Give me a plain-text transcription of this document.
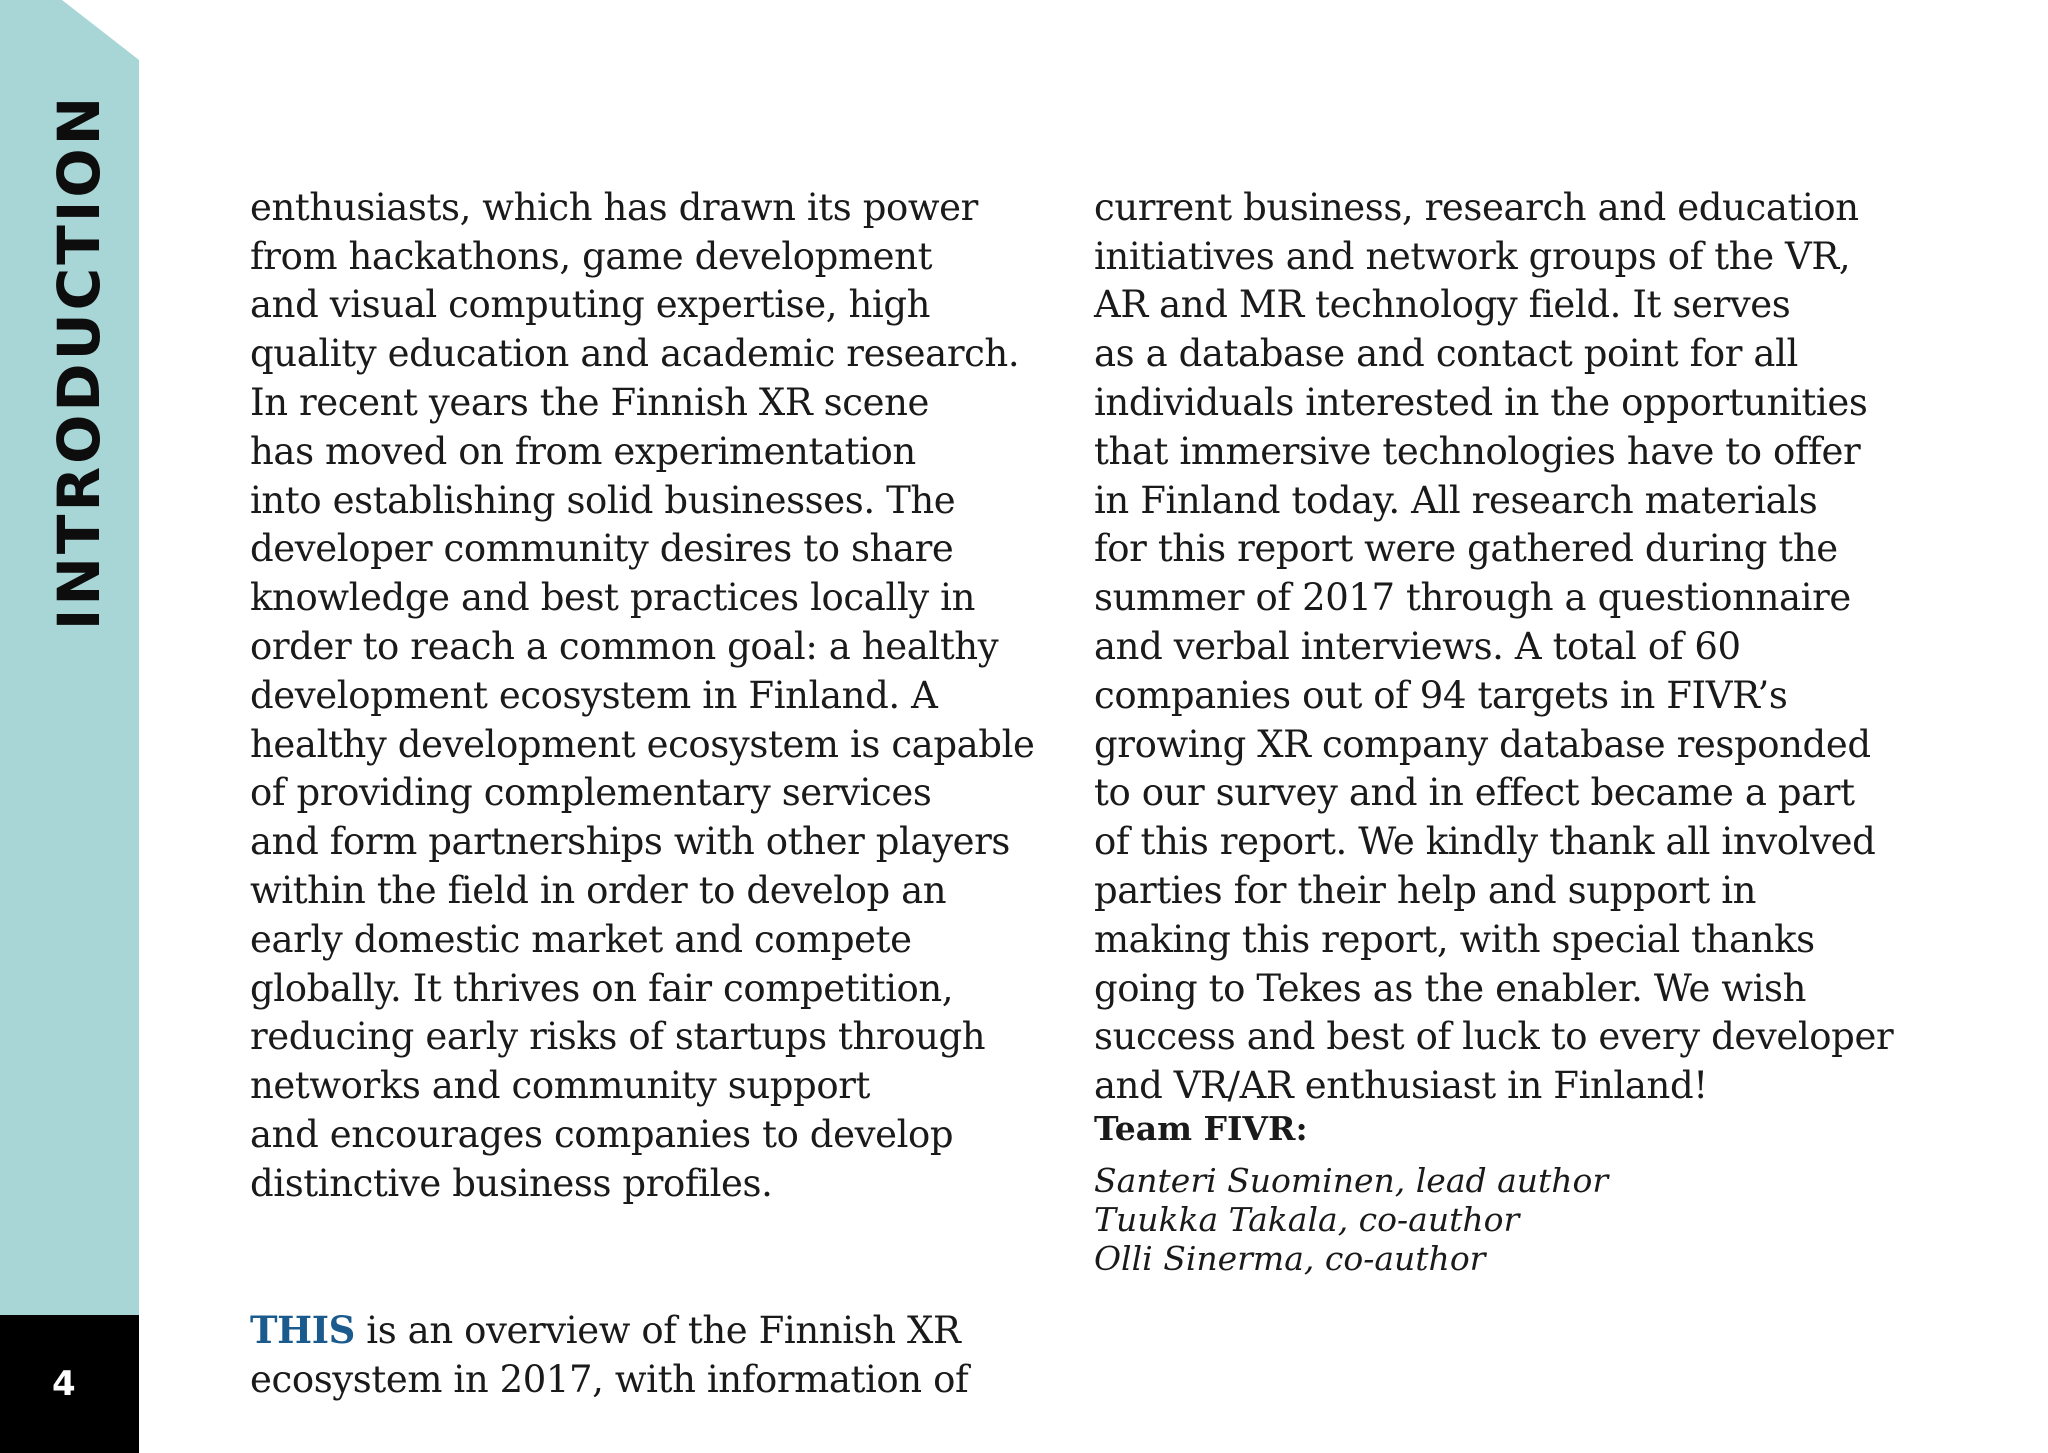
INTRODUCTION
4

enthusiasts, which has drawn its power
from hackathons, game development
and visual computing expertise, high
quality education and academic research.
In recent years the Finnish XR scene
has moved on from experimentation
into establishing solid businesses. The
developer community desires to share
knowledge and best practices locally in
order to reach a common goal: a healthy
development ecosystem in Finland. A
healthy development ecosystem is capable
of providing complementary services
and form partnerships with other players
within the field in order to develop an
early domestic market and compete
globally. It thrives on fair competition,
reducing early risks of startups through
networks and community support
and encourages companies to develop
distinctive business profiles.

THIS is an overview of the Finnish XR
ecosystem in 2017, with information of

current business, research and education
initiatives and network groups of the VR,
AR and MR technology field. It serves
as a database and contact point for all
individuals interested in the opportunities
that immersive technologies have to offer
in Finland today. All research materials
for this report were gathered during the
summer of 2017 through a questionnaire
and verbal interviews. A total of 60
companies out of 94 targets in FIVR’s
growing XR company database responded
to our survey and in effect became a part
of this report. We kindly thank all involved
parties for their help and support in
making this report, with special thanks
going to Tekes as the enabler. We wish
success and best of luck to every developer
and VR/AR enthusiast in Finland!

Team FIVR:
Santeri Suominen, lead author
Tuukka Takala, co-author
Olli Sinerma, co-author
